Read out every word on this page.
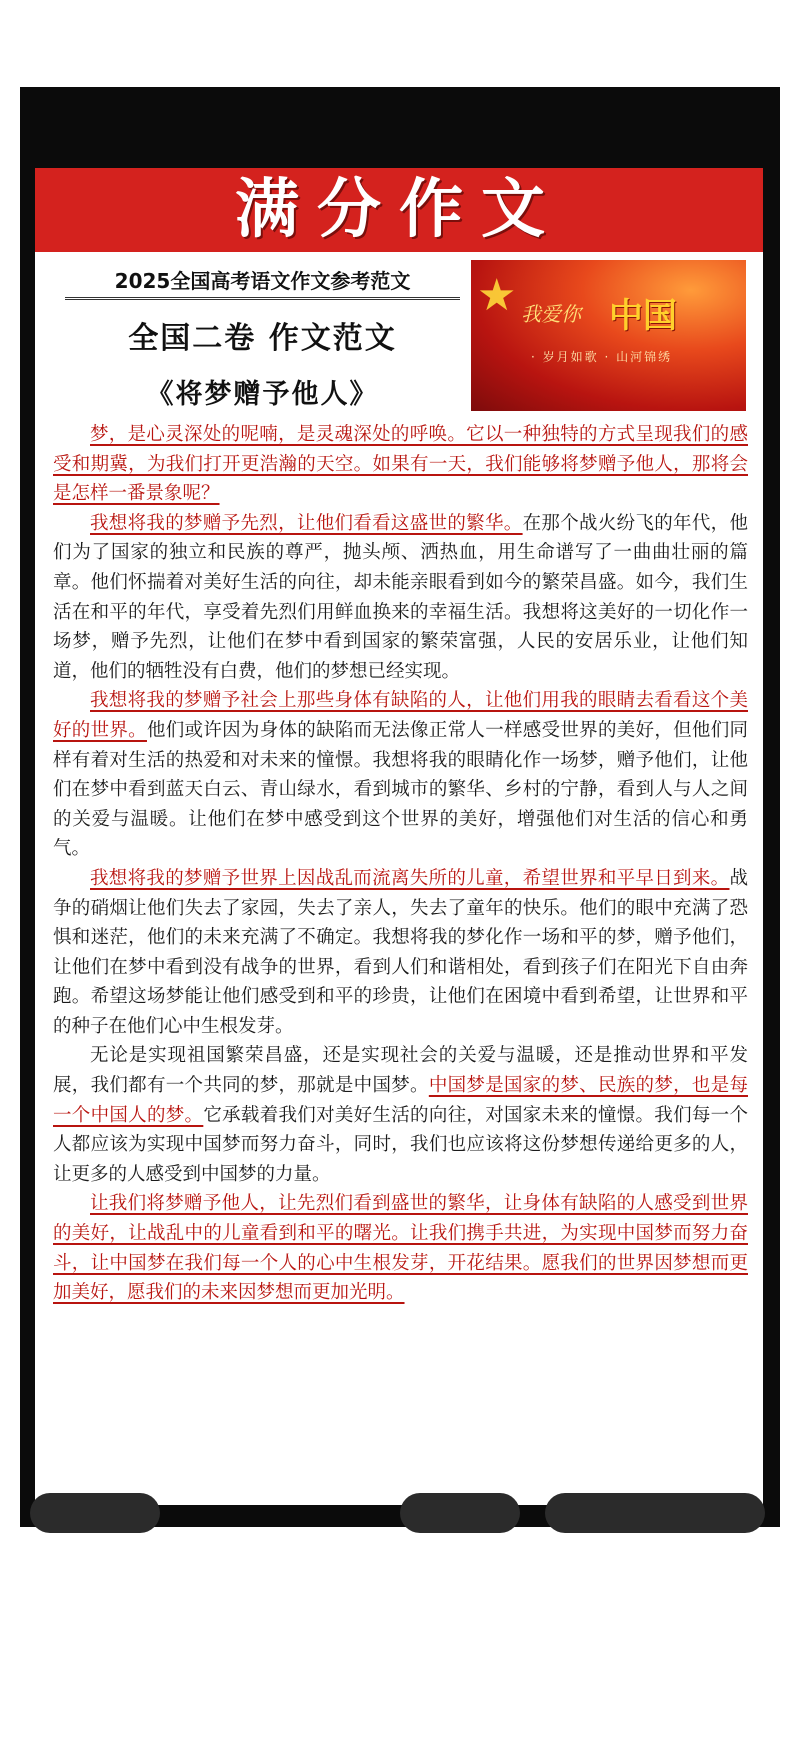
满分作文
2025全国高考语文作文参考范文
全国二卷 作文范文
《将梦赠予他人》
★ 我爱你 中国
· 岁月如歌 · 山河锦绣

梦，是心灵深处的呢喃，是灵魂深处的呼唤。它以一种独特的方式呈现我们的感受和期冀，为我们打开更浩瀚的天空。如果有一天，我们能够将梦赠予他人，那将会是怎样一番景象呢？

我想将我的梦赠予先烈，让他们看看这盛世的繁华。在那个战火纷飞的年代，他们为了国家的独立和民族的尊严，抛头颅、洒热血，用生命谱写了一曲曲壮丽的篇章。他们怀揣着对美好生活的向往，却未能亲眼看到如今的繁荣昌盛。如今，我们生活在和平的年代，享受着先烈们用鲜血换来的幸福生活。我想将这美好的一切化作一场梦，赠予先烈，让他们在梦中看到国家的繁荣富强，人民的安居乐业，让他们知道，他们的牺牲没有白费，他们的梦想已经实现。

我想将我的梦赠予社会上那些身体有缺陷的人，让他们用我的眼睛去看看这个美好的世界。他们或许因为身体的缺陷而无法像正常人一样感受世界的美好，但他们同样有着对生活的热爱和对未来的憧憬。我想将我的眼睛化作一场梦，赠予他们，让他们在梦中看到蓝天白云、青山绿水，看到城市的繁华、乡村的宁静，看到人与人之间的关爱与温暖。让他们在梦中感受到这个世界的美好，增强他们对生活的信心和勇气。

我想将我的梦赠予世界上因战乱而流离失所的儿童，希望世界和平早日到来。战争的硝烟让他们失去了家园，失去了亲人，失去了童年的快乐。他们的眼中充满了恐惧和迷茫，他们的未来充满了不确定。我想将我的梦化作一场和平的梦，赠予他们，让他们在梦中看到没有战争的世界，看到人们和谐相处，看到孩子们在阳光下自由奔跑。希望这场梦能让他们感受到和平的珍贵，让他们在困境中看到希望，让世界和平的种子在他们心中生根发芽。

无论是实现祖国繁荣昌盛，还是实现社会的关爱与温暖，还是推动世界和平发展，我们都有一个共同的梦，那就是中国梦。中国梦是国家的梦、民族的梦，也是每一个中国人的梦。它承载着我们对美好生活的向往，对国家未来的憧憬。我们每一个人都应该为实现中国梦而努力奋斗，同时，我们也应该将这份梦想传递给更多的人，让更多的人感受到中国梦的力量。

让我们将梦赠予他人，让先烈们看到盛世的繁华，让身体有缺陷的人感受到世界的美好，让战乱中的儿童看到和平的曙光。让我们携手共进，为实现中国梦而努力奋斗，让中国梦在我们每一个人的心中生根发芽，开花结果。愿我们的世界因梦想而更加美好，愿我们的未来因梦想而更加光明。
